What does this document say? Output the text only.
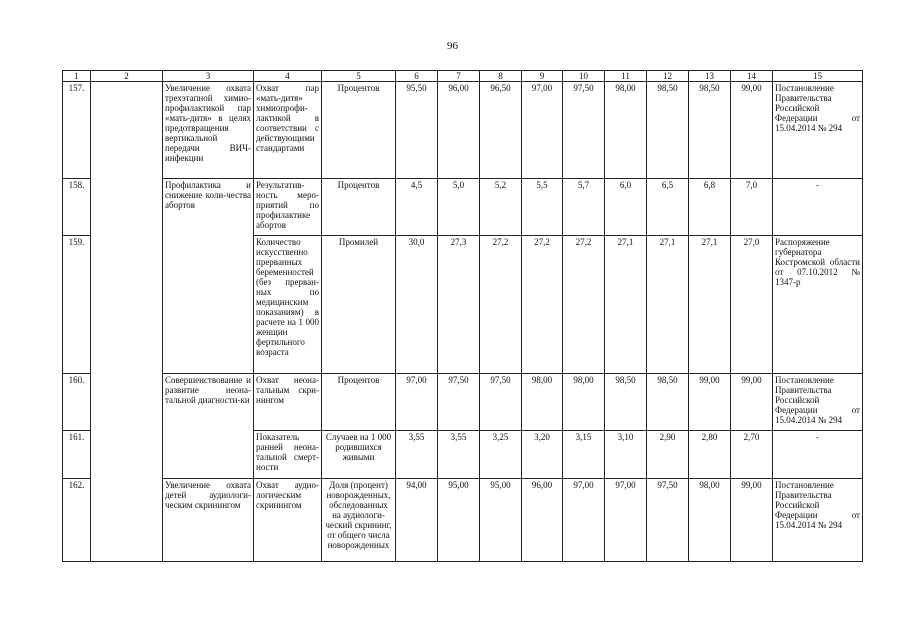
96
1	2	3	4	5	6	7	8	9	10	11	12	13	14	15
157.		Увеличение охвата трехэтапной химио-профилактикой пар «мать-дитя» в целях предотвращения вертикальной передачи ВИЧ-инфекции	Охват пар «мать-дитя» химиопрофи-лактикой в соответствии с действующими стандартами	Процентов	95,50	96,00	96,50	97,00	97,50	98,00	98,50	98,50	99,00	Постановление Правительства Российской Федерации от 15.04.2014 № 294
158.		Профилактика и снижение коли-чества абортов	Результатив-ность меро-приятий по профилактике абортов	Процентов	4,5	5,0	5,2	5,5	5,7	6,0	6,5	6,8	7,0	-
159.			Количество искусственно прерванных беременностей (без прерван-ных по медицинским показаниям) в расчете на 1 000 женщин фертильного возраста	Промилей	30,0	27,3	27,2	27,2	27,2	27,1	27,1	27,1	27,0	Распоряжение губернатора Костромской области от 07.10.2012 № 1347-р
160.		Совершенствование и развитие неона-тальной диагности-ки	Охват неона-тальным скри-нингом	Процентов	97,00	97,50	97,50	98,00	98,00	98,50	98,50	99,00	99,00	Постановление Правительства Российской Федерации от 15.04.2014 № 294
161.			Показатель ранней неона-тальной смерт-ности	Случаев на 1 000 родившихся живыми	3,55	3,55	3,25	3,20	3,15	3,10	2,90	2,80	2,70	-
162.		Увеличение охвата детей аудиологи-ческим скринингом	Охват аудио-логическим скринингом	Доля (процент) новорожденных, обследованных на аудиологи-ческий скрининг, от общего числа новорожденных	94,00	95,00	95,00	96,00	97,00	97,00	97,50	98,00	99,00	Постановление Правительства Российской Федерации от 15.04.2014 № 294
